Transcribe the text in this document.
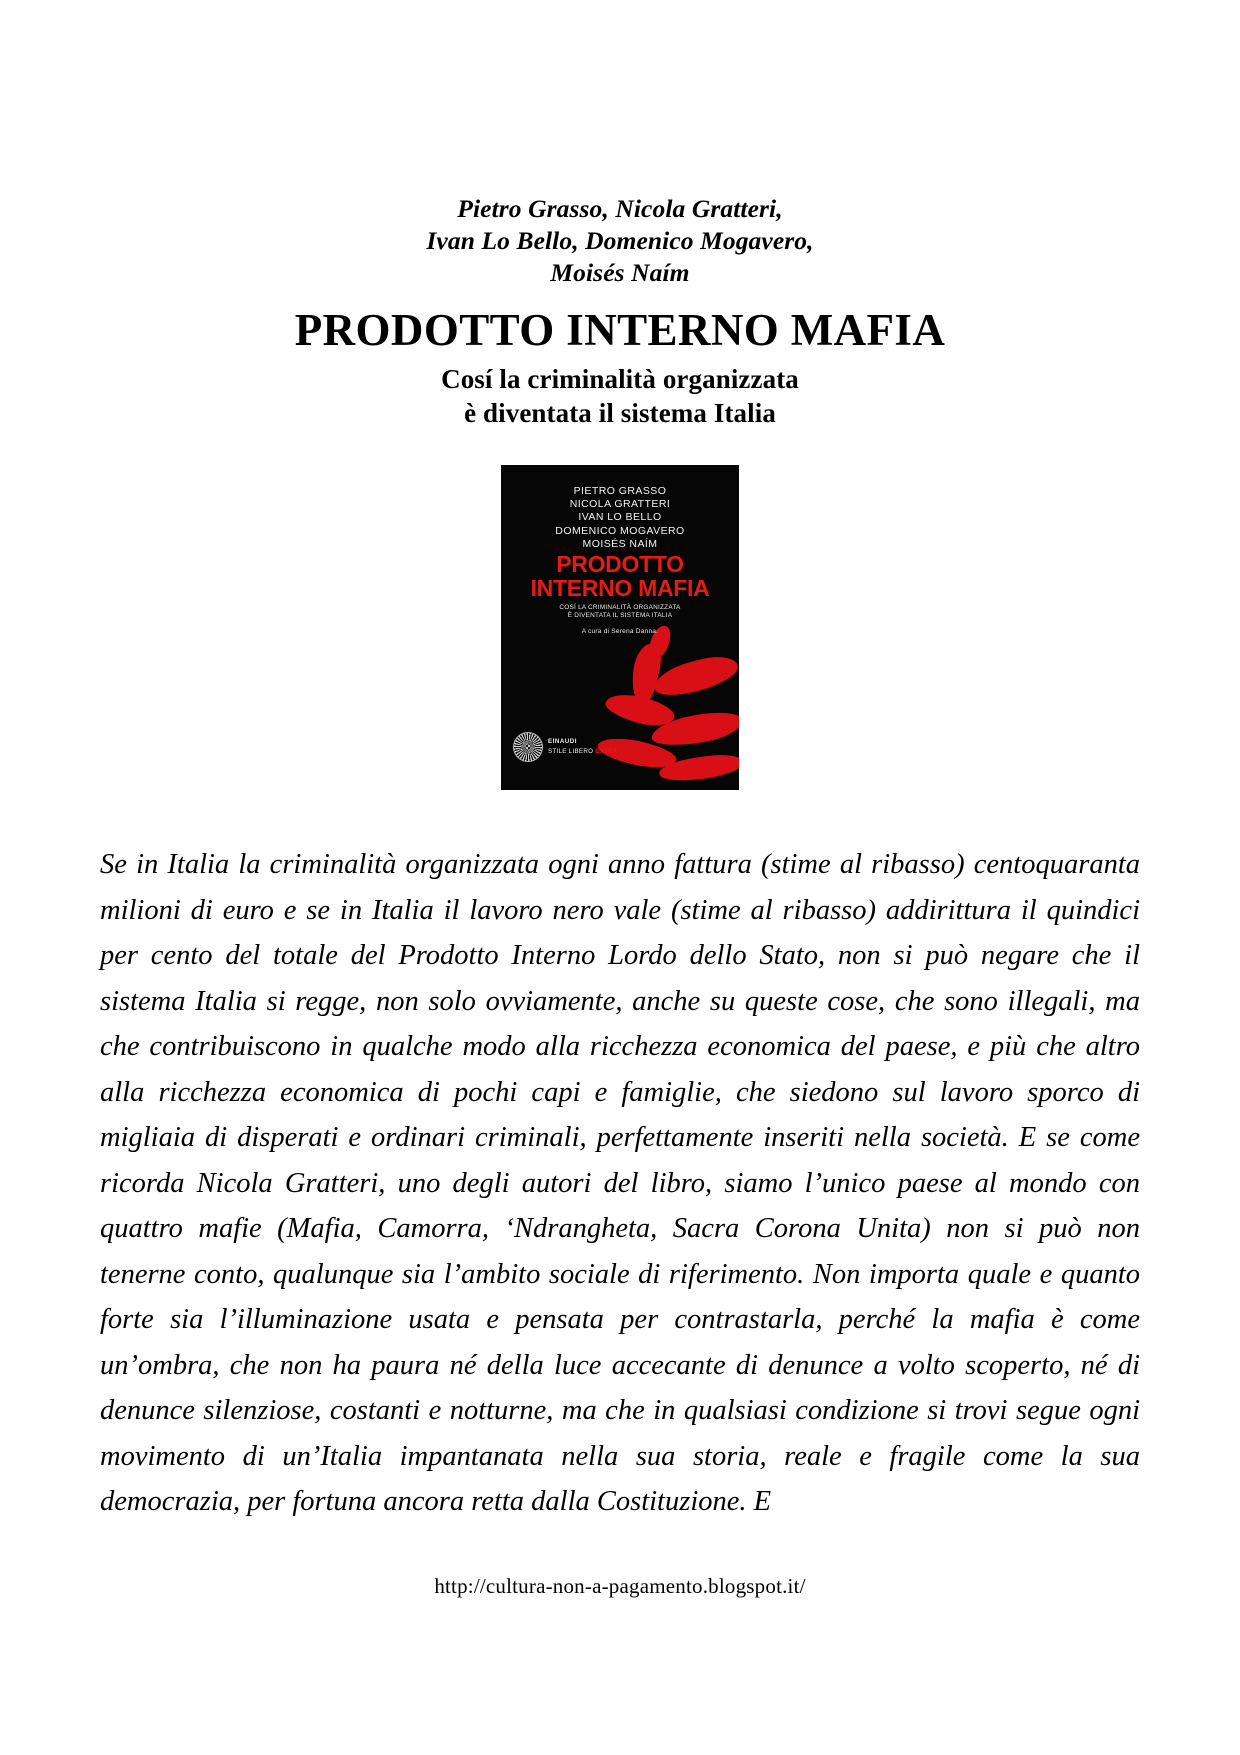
Pietro Grasso, Nicola Gratteri,
Ivan Lo Bello, Domenico Mogavero,
Moisés Naím
PRODOTTO INTERNO MAFIA
Cosí la criminalità organizzata
è diventata il sistema Italia
PIETRO GRASSO
NICOLA GRATTERI
IVAN LO BELLO
DOMENICO MOGAVERO
MOISÉS NAÍM
PRODOTTO
INTERNO MAFIA
COSÍ LA CRIMINALITÀ ORGANIZZATA
È DIVENTATA IL SISTEMA ITALIA
A cura di Serena Danna.
EINAUDI
STILE LIBERO EXTRA
Se in Italia la criminalità organizzata ogni anno fattura (stime al ribasso) centoquaranta milioni di euro e se in Italia il lavoro nero vale (stime al ribasso) addirittura il quindici per cento del totale del Prodotto Interno Lordo dello Stato, non si può negare che il sistema Italia si regge, non solo ovviamente, anche su queste cose, che sono illegali, ma che contribuiscono in qualche modo alla ricchezza economica del paese, e più che altro alla ricchezza economica di pochi capi e famiglie, che siedono sul lavoro sporco di migliaia di disperati e ordinari criminali, perfettamente inseriti nella società. E se come ricorda Nicola Gratteri, uno degli autori del libro, siamo l’unico paese al mondo con quattro mafie (Mafia, Camorra, ‘Ndrangheta, Sacra Corona Unita) non si può non tenerne conto, qualunque sia l’ambito sociale di riferimento. Non importa quale e quanto forte sia l’illuminazione usata e pensata per contrastarla, perché la mafia è come un’ombra, che non ha paura né della luce accecante di denunce a volto scoperto, né di denunce silenziose, costanti e notturne, ma che in qualsiasi condizione si trovi segue ogni movimento di un’Italia impantanata nella sua storia, reale e fragile come la sua democrazia, per fortuna ancora retta dalla Costituzione. E
http://cultura-non-a-pagamento.blogspot.it/
